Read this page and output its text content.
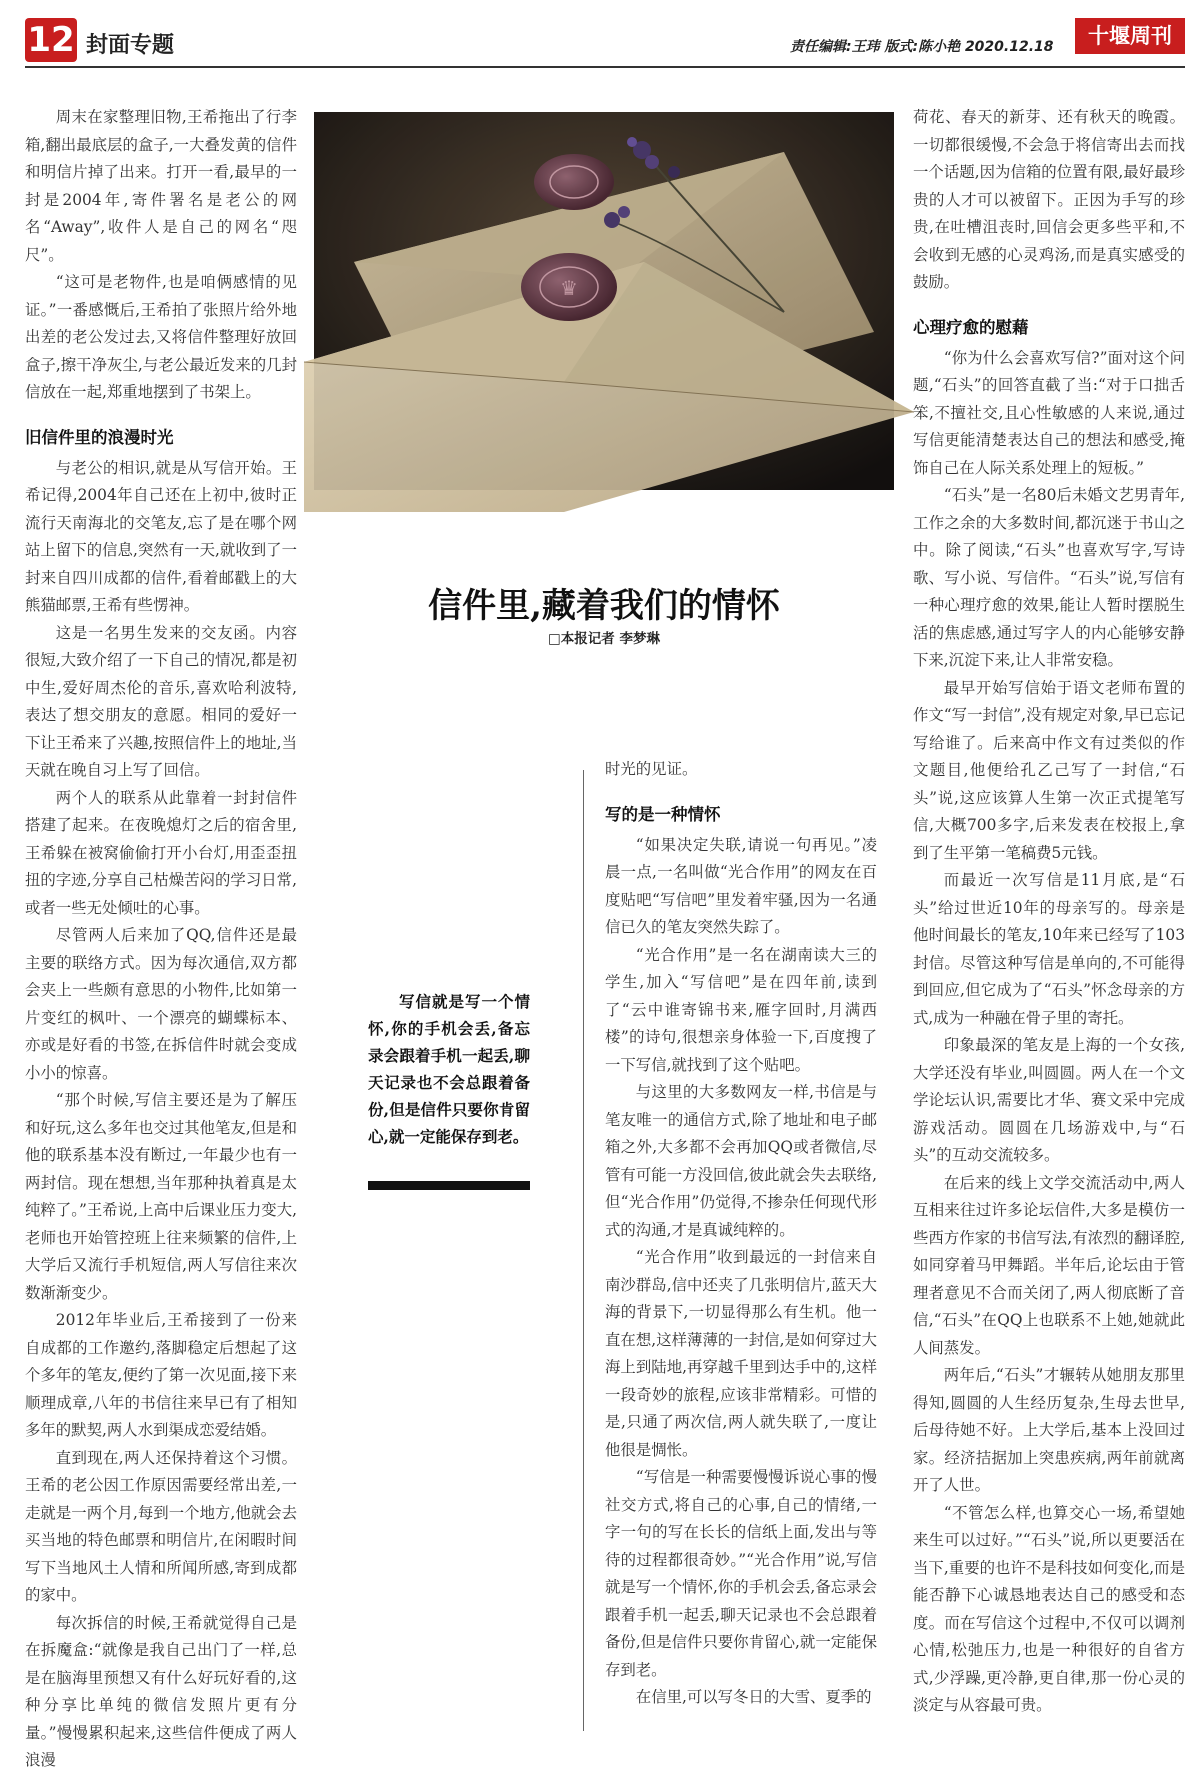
12 封面专题	责任编辑:王玮 版式:陈小艳 2020.12.18	十堰周刊

周末在家整理旧物,王希拖出了行李箱,翻出最底层的盒子,一大叠发黄的信件和明信片掉了出来。打开一看,最早的一封是2004年,寄件署名是老公的网名“Away”,收件人是自己的网名“咫尺”。

“这可是老物件,也是咱俩感情的见证。”一番感慨后,王希拍了张照片给外地出差的老公发过去,又将信件整理好放回盒子,擦干净灰尘,与老公最近发来的几封信放在一起,郑重地摆到了书架上。

旧信件里的浪漫时光

与老公的相识,就是从写信开始。王希记得,2004年自己还在上初中,彼时正流行天南海北的交笔友,忘了是在哪个网站上留下的信息,突然有一天,就收到了一封来自四川成都的信件,看着邮戳上的大熊猫邮票,王希有些愣神。

这是一名男生发来的交友函。内容很短,大致介绍了一下自己的情况,都是初中生,爱好周杰伦的音乐,喜欢哈利波特,表达了想交朋友的意愿。相同的爱好一下让王希来了兴趣,按照信件上的地址,当天就在晚自习上写了回信。

两个人的联系从此靠着一封封信件搭建了起来。在夜晚熄灯之后的宿舍里,王希躲在被窝偷偷打开小台灯,用歪歪扭扭的字迹,分享自己枯燥苦闷的学习日常,或者一些无处倾吐的心事。

尽管两人后来加了QQ,信件还是最主要的联络方式。因为每次通信,双方都会夹上一些颇有意思的小物件,比如第一片变红的枫叶、一个漂亮的蝴蝶标本、亦或是好看的书签,在拆信件时就会变成小小的惊喜。

“那个时候,写信主要还是为了解压和好玩,这么多年也交过其他笔友,但是和他的联系基本没有断过,一年最少也有一两封信。现在想想,当年那种执着真是太纯粹了。”王希说,上高中后课业压力变大,老师也开始管控班上往来频繁的信件,上大学后又流行手机短信,两人写信往来次数渐渐变少。

2012年毕业后,王希接到了一份来自成都的工作邀约,落脚稳定后想起了这个多年的笔友,便约了第一次见面,接下来顺理成章,八年的书信往来早已有了相知多年的默契,两人水到渠成恋爱结婚。

直到现在,两人还保持着这个习惯。王希的老公因工作原因需要经常出差,一走就是一两个月,每到一个地方,他就会去买当地的特色邮票和明信片,在闲暇时间写下当地风土人情和所闻所感,寄到成都的家中。

每次拆信的时候,王希就觉得自己是在拆魔盒:“就像是我自己出门了一样,总是在脑海里预想又有什么好玩好看的,这种分享比单纯的微信发照片更有分量。”慢慢累积起来,这些信件便成了两人浪漫

♛
信件里,藏着我们的情怀
□本报记者 李梦琳

写信就是写一个情怀,你的手机会丢,备忘录会跟着手机一起丢,聊天记录也不会总跟着备份,但是信件只要你肯留心,就一定能保存到老。

时光的见证。

写的是一种情怀

“如果决定失联,请说一句再见。”凌晨一点,一名叫做“光合作用”的网友在百度贴吧“写信吧”里发着牢骚,因为一名通信已久的笔友突然失踪了。

“光合作用”是一名在湖南读大三的学生,加入“写信吧”是在四年前,读到了“云中谁寄锦书来,雁字回时,月满西楼”的诗句,很想亲身体验一下,百度搜了一下写信,就找到了这个贴吧。

与这里的大多数网友一样,书信是与笔友唯一的通信方式,除了地址和电子邮箱之外,大多都不会再加QQ或者微信,尽管有可能一方没回信,彼此就会失去联络,但“光合作用”仍觉得,不掺杂任何现代形式的沟通,才是真诚纯粹的。

“光合作用”收到最远的一封信来自南沙群岛,信中还夹了几张明信片,蓝天大海的背景下,一切显得那么有生机。他一直在想,这样薄薄的一封信,是如何穿过大海上到陆地,再穿越千里到达手中的,这样一段奇妙的旅程,应该非常精彩。可惜的是,只通了两次信,两人就失联了,一度让他很是惆怅。

“写信是一种需要慢慢诉说心事的慢社交方式,将自己的心事,自己的情绪,一字一句的写在长长的信纸上面,发出与等待的过程都很奇妙。”“光合作用”说,写信就是写一个情怀,你的手机会丢,备忘录会跟着手机一起丢,聊天记录也不会总跟着备份,但是信件只要你肯留心,就一定能保存到老。

在信里,可以写冬日的大雪、夏季的

荷花、春天的新芽、还有秋天的晚霞。一切都很缓慢,不会急于将信寄出去而找一个话题,因为信箱的位置有限,最好最珍贵的人才可以被留下。正因为手写的珍贵,在吐槽沮丧时,回信会更多些平和,不会收到无感的心灵鸡汤,而是真实感受的鼓励。

心理疗愈的慰藉

“你为什么会喜欢写信?”面对这个问题,“石头”的回答直截了当:“对于口拙舌笨,不擅社交,且心性敏感的人来说,通过写信更能清楚表达自己的想法和感受,掩饰自己在人际关系处理上的短板。”

“石头”是一名80后未婚文艺男青年,工作之余的大多数时间,都沉迷于书山之中。除了阅读,“石头”也喜欢写字,写诗歌、写小说、写信件。“石头”说,写信有一种心理疗愈的效果,能让人暂时摆脱生活的焦虑感,通过写字人的内心能够安静下来,沉淀下来,让人非常安稳。

最早开始写信始于语文老师布置的作文“写一封信”,没有规定对象,早已忘记写给谁了。后来高中作文有过类似的作文题目,他便给孔乙己写了一封信,“石头”说,这应该算人生第一次正式提笔写信,大概700多字,后来发表在校报上,拿到了生平第一笔稿费5元钱。

而最近一次写信是11月底,是“石头”给过世近10年的母亲写的。母亲是他时间最长的笔友,10年来已经写了103封信。尽管这种写信是单向的,不可能得到回应,但它成为了“石头”怀念母亲的方式,成为一种融在骨子里的寄托。

印象最深的笔友是上海的一个女孩,大学还没有毕业,叫圆圆。两人在一个文学论坛认识,需要比才华、赛文采中完成游戏活动。圆圆在几场游戏中,与“石头”的互动交流较多。

在后来的线上文学交流活动中,两人互相来往过许多论坛信件,大多是模仿一些西方作家的书信写法,有浓烈的翻译腔,如同穿着马甲舞蹈。半年后,论坛由于管理者意见不合而关闭了,两人彻底断了音信,“石头”在QQ上也联系不上她,她就此人间蒸发。

两年后,“石头”才辗转从她朋友那里得知,圆圆的人生经历复杂,生母去世早,后母待她不好。上大学后,基本上没回过家。经济拮据加上突患疾病,两年前就离开了人世。

“不管怎么样,也算交心一场,希望她来生可以过好。”“石头”说,所以更要活在当下,重要的也许不是科技如何变化,而是能否静下心诚恳地表达自己的感受和态度。而在写信这个过程中,不仅可以调剂心情,松弛压力,也是一种很好的自省方式,少浮躁,更冷静,更自律,那一份心灵的淡定与从容最可贵。
